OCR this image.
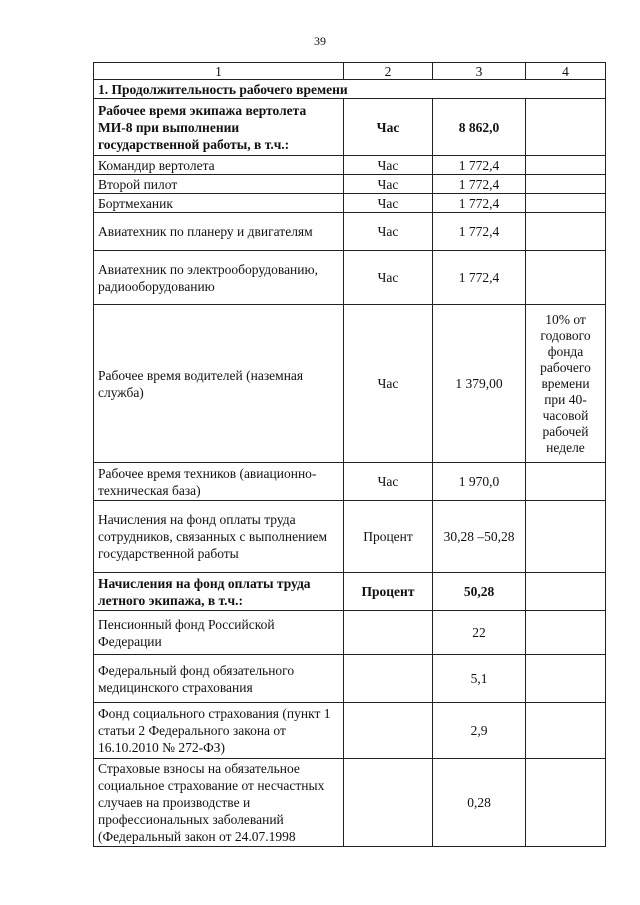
39
1	2	3	4
1. Продолжительность рабочего времени			
Рабочее время экипажа вертолета МИ-8 при выполнении государственной работы, в т.ч.:	Час	8 862,0	
Командир вертолета	Час	1 772,4	
Второй пилот	Час	1 772,4	
Бортмеханик	Час	1 772,4	
Авиатехник по планеру и двигателям	Час	1 772,4	
Авиатехник по электрооборудованию, радиооборудованию	Час	1 772,4	
Рабочее время водителей (наземная служба)	Час	1 379,00	10% от годового фонда рабочего времени при 40-часовой рабочей неделе
Рабочее время техников (авиационно-техническая база)	Час	1 970,0	
Начисления на фонд оплаты труда сотрудников, связанных с выполнением государственной работы	Процент	30,28 –50,28	
Начисления на фонд оплаты труда летного экипажа, в т.ч.:	Процент	50,28	
Пенсионный фонд Российской Федерации		22	
Федеральный фонд обязательного медицинского страхования		5,1	
Фонд социального страхования (пункт 1 статьи 2 Федерального закона от 16.10.2010 № 272-ФЗ)		2,9	
Страховые взносы на обязательное социальное страхование от несчастных случаев на производстве и профессиональных заболеваний (Федеральный закон от 24.07.1998		0,28	
